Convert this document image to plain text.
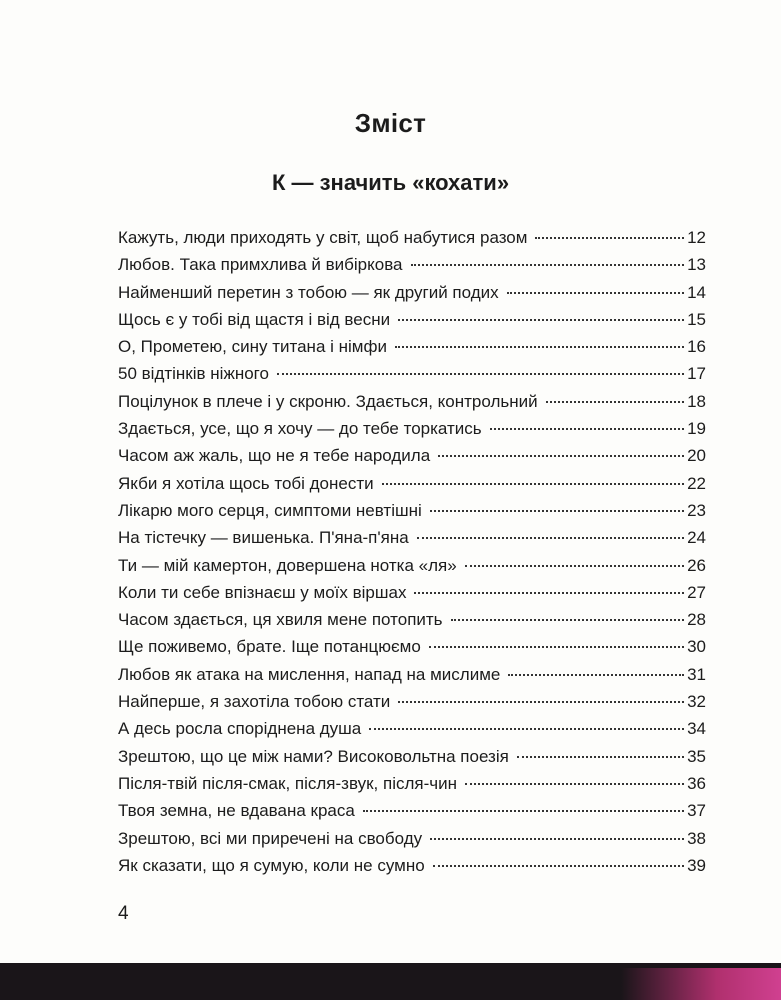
Зміст
К — значить «кохати»
Кажуть, люди приходять у світ, щоб набутися разом	12
Любов. Така примхлива й вибіркова	13
Найменший перетин з тобою — як другий подих	14
Щось є у тобі від щастя і від весни	15
О, Прометею, сину титана і німфи	16
50 відтінків ніжного	17
Поцілунок в плече і у скроню. Здається, контрольний	18
Здається, усе, що я хочу — до тебе торкатись	19
Часом аж жаль, що не я тебе народила	20
Якби я хотіла щось тобі донести	22
Лікарю мого серця, симптоми невтішні	23
На тістечку — вишенька. П'яна-п'яна	24
Ти — мій камертон, довершена нотка «ля»	26
Коли ти себе впізнаєш у моїх віршах	27
Часом здається, ця хвиля мене потопить	28
Ще поживемо, брате. Іще потанцюємо	30
Любов як атака на мислення, напад на мислиме	31
Найперше, я захотіла тобою стати	32
А десь росла споріднена душа	34
Зрештою, що це між нами? Високовольтна поезія	35
Після-твій після-смак, після-звук, після-чин	36
Твоя земна, не вдавана краса	37
Зрештою, всі ми приречені на свободу	38
Як сказати, що я сумую, коли не сумно	39
4
